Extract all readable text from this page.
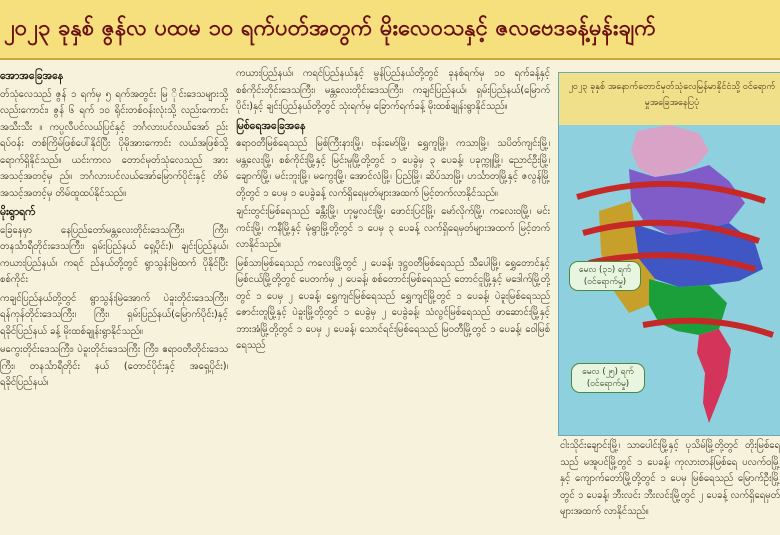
၂၀၂၃ ခုနှစ် ဇွန်လ ပထမ ၁၀ ရက်ပတ်အတွက် မိုးလေဝသနှင့် ဇလဗေဒခန့်မှန်းချက်
အောအခြေအနေ

တ်သုံလေသည် ဇွန် ၁ ရက်မှ ၅ ရက်အတွင်း မြ ိုင်းဒေသများသို့ လည်းကောင်း၊ ဇွန် ၆ ရက် ၁၀ ရိုင်းတစ်ဝန်းလုံးသို့ လည်းကောင်း အသီးသီး ။ ကပ္ပလီပင်လယ်ပြင်နှင့် ဘင်္ဂလားပင်လယ်အော် ည်းရပ်ဝန်း တစ်ကြိမ်ဖြစ်ပေါ်နိုင်ပြီး ပိုမိုအားကောင်း လယ်အဖြစ်သို့ ရောက်ရှိနိုင်သည်။ ယင်းကာလ တောင်မုတ်သုံလေသည် အားအသင့်အတင့်မှ ည်။ ဘင်္ဂလားပင်လယ်အော်မြောက်ပိုင်းနှင့် တိမ်အသင့်အတင့်မှ တိမ်ထူထပ်နိုင်သည်။

မိုးရွာရက်

ခြေနေမှာ နေပြည်တော်မန္တလေးတိုင်းဒေသကြီး၊ ကြီး၊ တနင်္သာရီတိုင်းဒေသကြီး၊ ရှမ်းပြည်နယ် ရှေ့ပိုင်း)၊ ချင်းပြည်နယ်၊ ကယားပြည်နယ်၊ ကရင် ည်နယ်တို့တွင် ရွာသွန်းမြဲထက် ပိုနိုင်ပြီး စစ်ကိုင်း

ကချင်ပြည်နယ်တို့တွင် ရွာသွန်းမြဲအောက် ပဲခူးတိုင်းဒေသကြီး၊ ရန်ကုန်တိုင်းဒေသကြီး၊ ကြီး၊ ရှမ်းပြည်နယ်(မြောက်ပိုင်း)နှင့် ရခိုင်ပြည်နယ် ခန့် မိုးထစ်ချုန်းရွာနိုင်သည်။

မကွေးတိုင်းဒေသကြီး၊ ပဲခူးတိုင်းဒေသကြီး ကြီး၊ ဧရာဝတီတိုင်းဒေသကြီး၊ တနင်္သာရီတိုင်း နယ် (တောင်ပိုင်းနှင့် အရှေ့ပိုင်း)၊ ရခိုင်ပြည်နယ်၊

ကယားပြည်နယ်၊ ကရင်ပြည်နယ်နှင့် မွန်ပြည်နယ်တို့တွင် ခုနစ်ရက်မှ ၁၀ ရက်ခန့်နှင့် စစ်ကိုင်းတိုင်းဒေသကြီး၊ မန္တလေးတိုင်းဒေသကြီး၊ ကချင်ပြည်နယ်၊ ရှမ်းပြည်နယ်(မြောက်ပိုင်း)နှင့် ချင်းပြည်နယ်တို့တွင် သုံးရက်မှ ခြောက်ရက်ခန့် မိုးထစ်ချုန်းရွာနိုင်သည်။

မြစ်ရေအခြေအနေ

ဧရာဝတီမြစ်ရေသည် မြစ်ကြီးနားမြို့၊ ဗန်းမော်မြို့၊ ရွှေကူမြို့၊ ကသာမြို့၊ သပိတ်ကျင်းမြို့၊ မန္တလေးမြို့၊ စစ်ကိုင်းမြို့နှင့် မြင်းမူမြို့တို့တွင် ၁ ပေခွဲမှ ၃ ပေခန့်၊ ပခုက္ကူမြို့၊ ညောင်ဦးမြို့၊ ချောက်မြို့၊ မင်းဘူးမြို့၊ မကွေးမြို့၊ အောင်လံမြို့၊ ပြည်မြို့၊ ဆိပ်သာမြို့၊ ဟင်္သာတမြို့နှင့် ဇလွန်မြို့တို့တွင် ၁ ပေမှ ၁ ပေခွဲခန့် လက်ရှိရေမှတ်များအထက် မြင့်တက်လာနိုင်သည်။

ချင်းတွင်းမြစ်ရေသည် ခန္တီးမြို့၊ ဟုမ္မလင်းမြို့၊ ဖောင်းပြင်မြို့၊ မော်လိုက်မြို့၊ ကလေးဝမြို့၊ မင်းကင်းမြို့၊ ကနီမြို့နှင့် မုံရွာမြို့တို့တွင် ၁ ပေမှ ၃ ပေခန့် လက်ရှိရေမှတ်များအထက် မြင့်တက်လာနိုင်သည်။

မြစ်သာမြစ်ရေသည် ကလေးမြို့တွင် ၂ ပေခန့်၊ ဒုဋ္ဌဝတီမြစ်ရေသည် သီပေါမြို့၊ ရွှေတောင်နှင့် မြစ်ငယ်မြို့တို့တွင် ပေတက်မှ ၂ ပေခန့်၊ စစ်တောင်းမြစ်ရေသည် တောင်ငူမြို့နှင့် မဒေါက်မြို့တို့တွင် ၁ ပေမှ ၂ ပေခန့်၊ ရွှေကျင်မြစ်ရေသည် ရွှေကျင်မြို့တွင် ၁ ပေခန့်၊ ပဲခူးမြစ်ရေသည် ဇောင်းတူမြို့နှင့် ပဲခူးမြို့တို့တွင် ၁ ပေခွဲမှ ၂ ပေခွဲခန့်၊ သံလွင်မြစ်ရေသည် ဖာဆောင်းမြို့နှင့် ဘားအံမြို့တို့တွင် ၁ ပေမှ ၂ ပေခန့်၊ သောင်ရင်းမြစ်ရေသည် မြဝတီမြို့တွင် ၁ ပေခန့်၊ ဝေါမြစ်ရေသည်

၂၀၂၃ ခုနှစ် အနောက်တောင်မုတ်သုံလေမြန်မာနိုင်ငံသို့ ဝင်ရောက်မှုအခြေအနေပြပုံ
မေလ (၃၁) ရက် (ဝင်ရောက်မှု)
မေလ (၂၅) ရက် (ဝင်ရောက်မှု)

ငါးသိုင်းချောင်းမြို့၊ သာပေါင်းမြို့နှင့် ပုသိမ်မြို့တို့တွင် တိုးမြစ်ရေသည် မအူပင်မြို့တွင် ၁ ပေခန့်၊ ကုလားတန်မြစ်ရေ ပလက်ဝမြို့နှင့် ကျောက်တော်မြို့တို့တွင် ၁ ပေမှ မြစ်ရေသည် မြောက်ဦးမြို့တွင် ၁ ပေခန့်၊ ဘီးလင်း ဘီးလင်းမြို့တွင် ၂ ပေခန့် လက်ရှိရေမှတ်များအထက် လာနိုင်သည်။
